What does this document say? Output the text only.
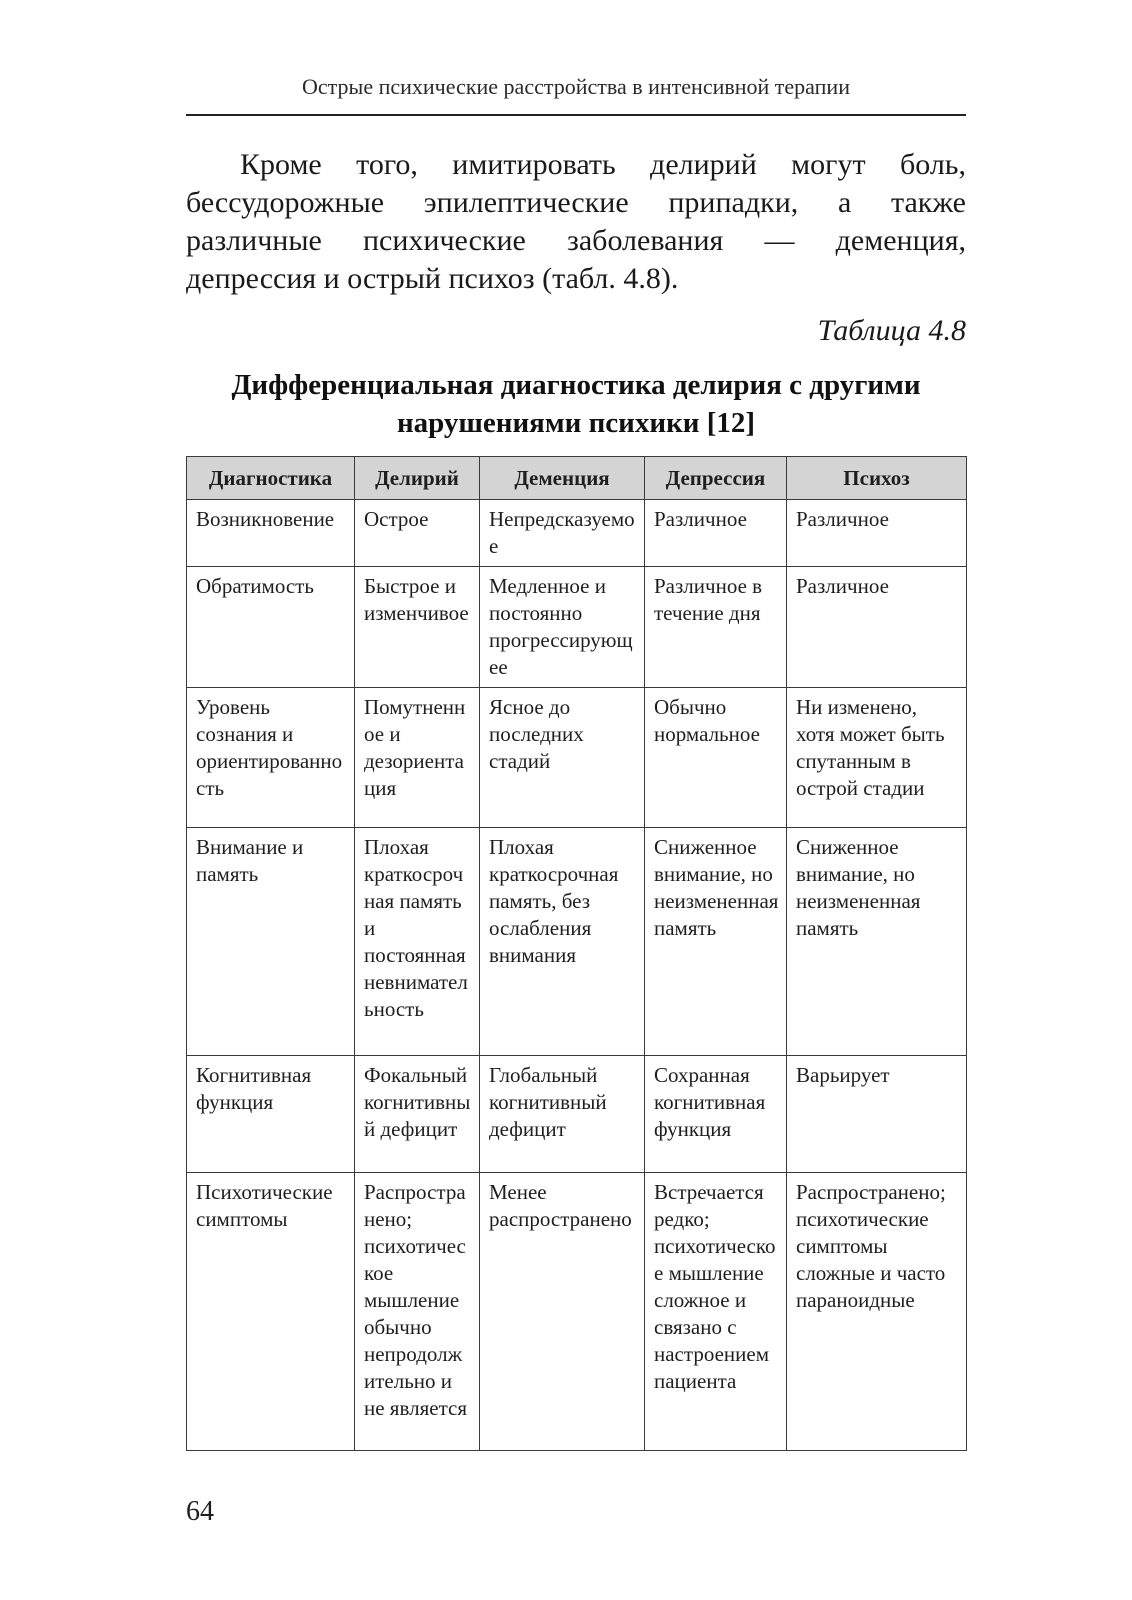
Острые психические расстройства в интенсивной терапии

Кроме того, имитировать делирий могут боль, бессудорожные эпилептические припадки, а также различные психические заболевания — деменция, депрессия и острый психоз (табл. 4.8).

Таблица 4.8
Дифференциальная диагностика делирия с другими
нарушениями психики [12]
Диагностика	Делирий	Деменция	Депрессия	Психоз
Возникновение	Острое	Непредсказуемое	Различное	Различное
Обратимость	Быстрое и изменчивое	Медленное и постоянно прогрессирующее	Различное в течение дня	Различное
Уровень сознания и ориентированность	Помутненное и дезориентация	Ясное до последних стадий	Обычно нормальное	Ни изменено, хотя может быть спутанным в острой стадии
Внимание и память	Плохая краткосрочная память и постоянная невнимательность	Плохая краткосрочная память, без ослабления внимания	Сниженное внимание, но неизмененная память	Сниженное внимание, но неизмененная память
Когнитивная функция	Фокальный когнитивный дефицит	Глобальный когнитивный дефицит	Сохранная когнитивная функция	Варьирует
Психотические симптомы	Распространено; психотическое мышление обычно непродолжительно и не является	Менее распространено	Встречается редко; психотическое мышление сложное и связано с настроением пациента	Распространено; психотические симптомы сложные и часто параноидные
64
